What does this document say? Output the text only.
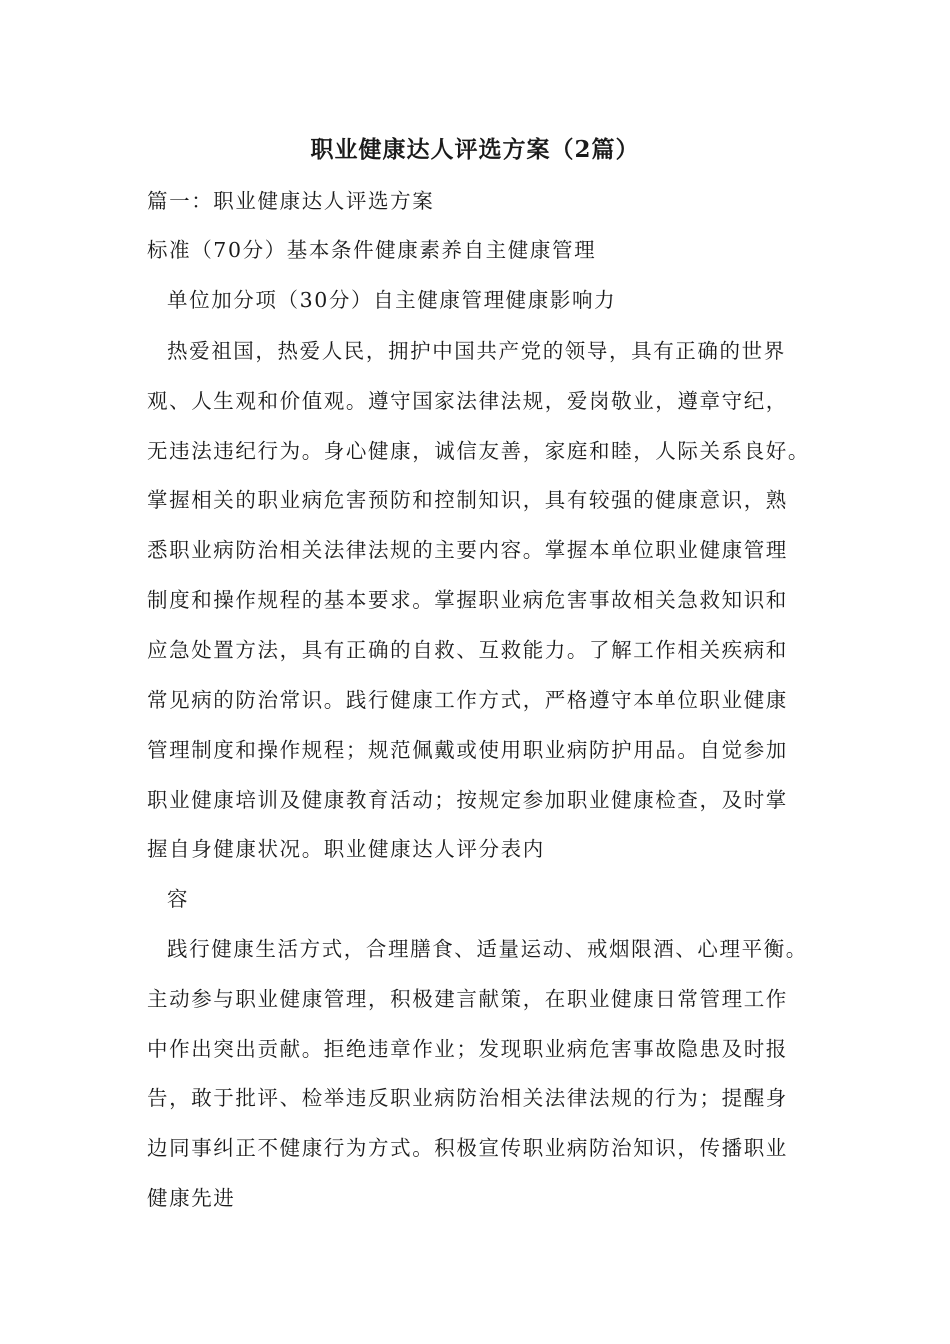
职业健康达人评选方案（2篇）
篇一：职业健康达人评选方案
标准（70分）基本条件健康素养自主健康管理
单位加分项（30分）自主健康管理健康影响力
热爱祖国，热爱人民，拥护中国共产党的领导，具有正确的世界
观、人生观和价值观。遵守国家法律法规，爱岗敬业，遵章守纪，
无违法违纪行为。身心健康，诚信友善，家庭和睦，人际关系良好。
掌握相关的职业病危害预防和控制知识，具有较强的健康意识，熟
悉职业病防治相关法律法规的主要内容。掌握本单位职业健康管理
制度和操作规程的基本要求。掌握职业病危害事故相关急救知识和
应急处置方法，具有正确的自救、互救能力。了解工作相关疾病和
常见病的防治常识。践行健康工作方式，严格遵守本单位职业健康
管理制度和操作规程；规范佩戴或使用职业病防护用品。自觉参加
职业健康培训及健康教育活动；按规定参加职业健康检查，及时掌
握自身健康状况。职业健康达人评分表内
容
践行健康生活方式，合理膳食、适量运动、戒烟限酒、心理平衡。
主动参与职业健康管理，积极建言献策，在职业健康日常管理工作
中作出突出贡献。拒绝违章作业；发现职业病危害事故隐患及时报
告，敢于批评、检举违反职业病防治相关法律法规的行为；提醒身
边同事纠正不健康行为方式。积极宣传职业病防治知识，传播职业
健康先进
